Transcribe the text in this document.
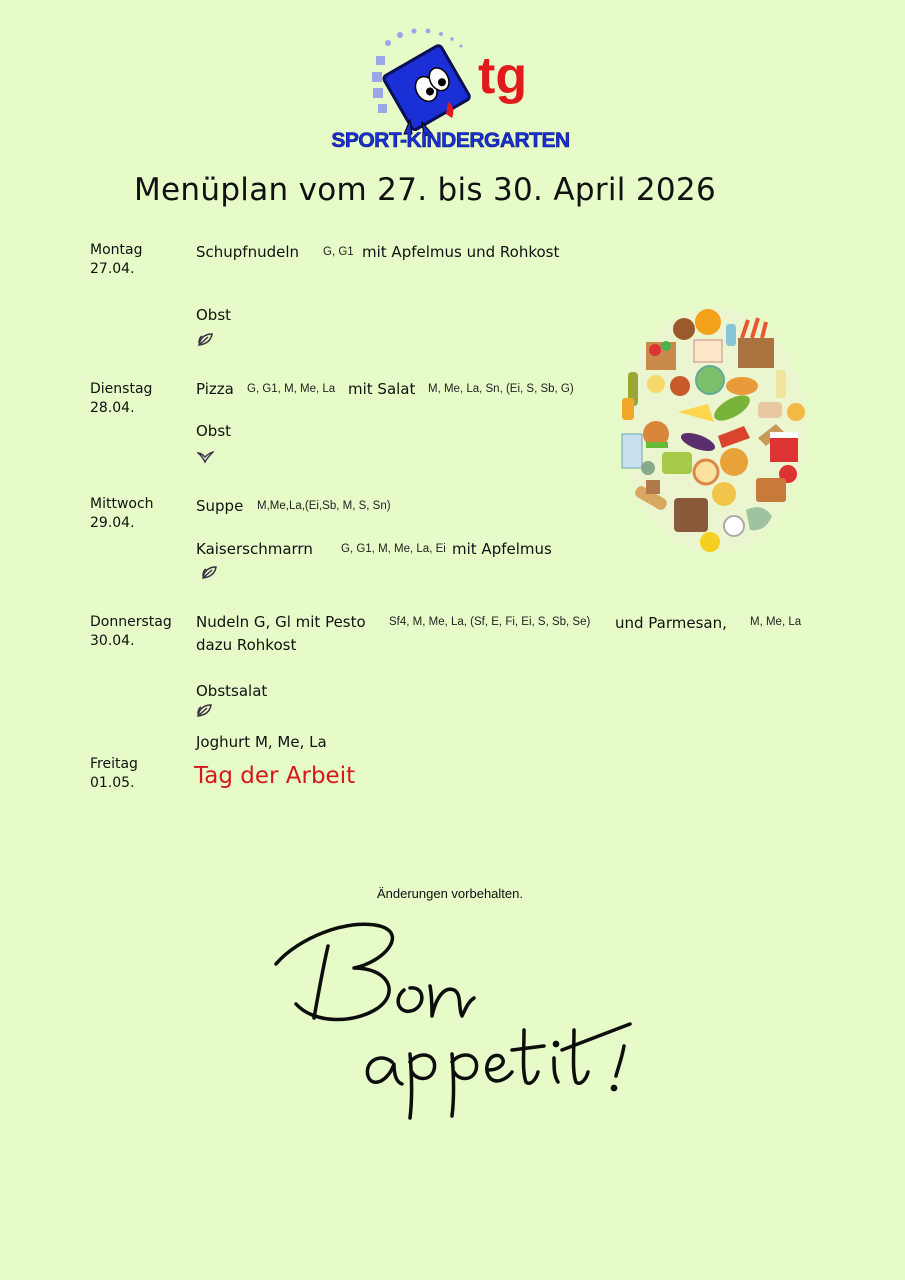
tg
SPORT-KINDERGARTEN
Menüplan vom 27. bis 30. April 2026
Montag
27.04.
Dienstag
28.04.
Mittwoch
29.04.
Donnerstag
30.04.
Freitag
01.05.
Schupfnudeln G, G1 mit Apfelmus und Rohkost
Obst
Pizza G, G1, M, Me, La mit Salat M, Me, La, Sn, (Ei, S, Sb, G)
Obst
Suppe M,Me,La,(Ei,Sb, M, S, Sn)
Kaiserschmarrn G, G1, M, Me, La, Ei mit Apfelmus
Nudeln G, Gl mit Pesto Sf4, M, Me, La, (Sf, E, Fi, Ei, S, Sb, Se) und Parmesan, M, Me, La
dazu Rohkost
Obstsalat
Joghurt M, Me, La
Tag der Arbeit
Änderungen vorbehalten.
